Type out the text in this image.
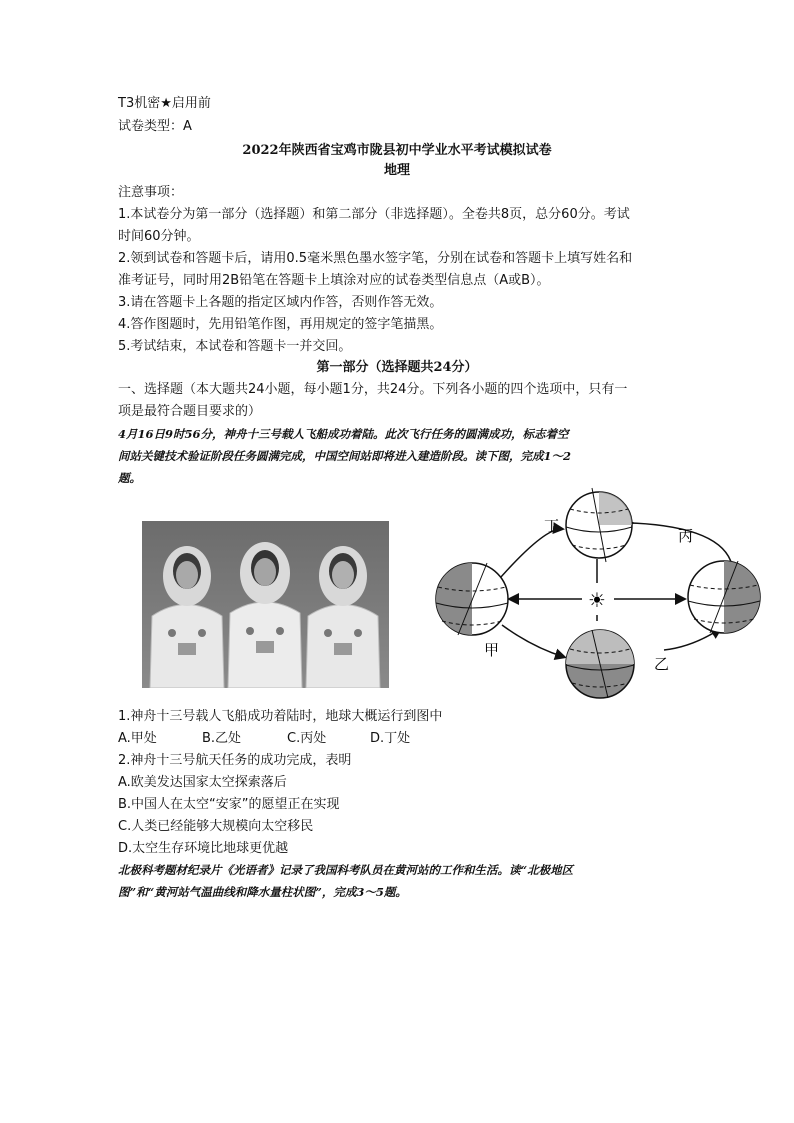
T3机密★启用前
试卷类型：A
2022年陕西省宝鸡市陇县初中学业水平考试模拟试卷
地理
注意事项：
1.本试卷分为第一部分（选择题）和第二部分（非选择题）。全卷共8页，总分60分。考试
时间60分钟。
2.领到试卷和答题卡后，请用0.5毫米黑色墨水签字笔，分别在试卷和答题卡上填写姓名和
准考证号，同时用2B铅笔在答题卡上填涂对应的试卷类型信息点（A或B）。
3.请在答题卡上各题的指定区域内作答，否则作答无效。
4.答作图题时，先用铅笔作图，再用规定的签字笔描黑。
5.考试结束，本试卷和答题卡一并交回。
第一部分（选择题共24分）
一、选择题（本大题共24小题，每小题1分，共24分。下列各小题的四个选项中，只有一
项是最符合题目要求的）
4月16日9时56分，神舟十三号载人飞船成功着陆。此次飞行任务的圆满成功，标志着空
间站关键技术验证阶段任务圆满完成，中国空间站即将进入建造阶段。读下图，完成1～2
题。
☀
丁
丙
甲
乙
1.神舟十三号载人飞船成功着陆时，地球大概运行到图中
A.甲处	B.乙处	C.丙处	D.丁处
2.神舟十三号航天任务的成功完成，表明
A.欧美发达国家太空探索落后
B.中国人在太空“安家”的愿望正在实现
C.人类已经能够大规模向太空移民
D.太空生存环境比地球更优越
北极科考题材纪录片《光语者》记录了我国科考队员在黄河站的工作和生活。读“北极地区
图”和“黄河站气温曲线和降水量柱状图”，完成3～5题。
